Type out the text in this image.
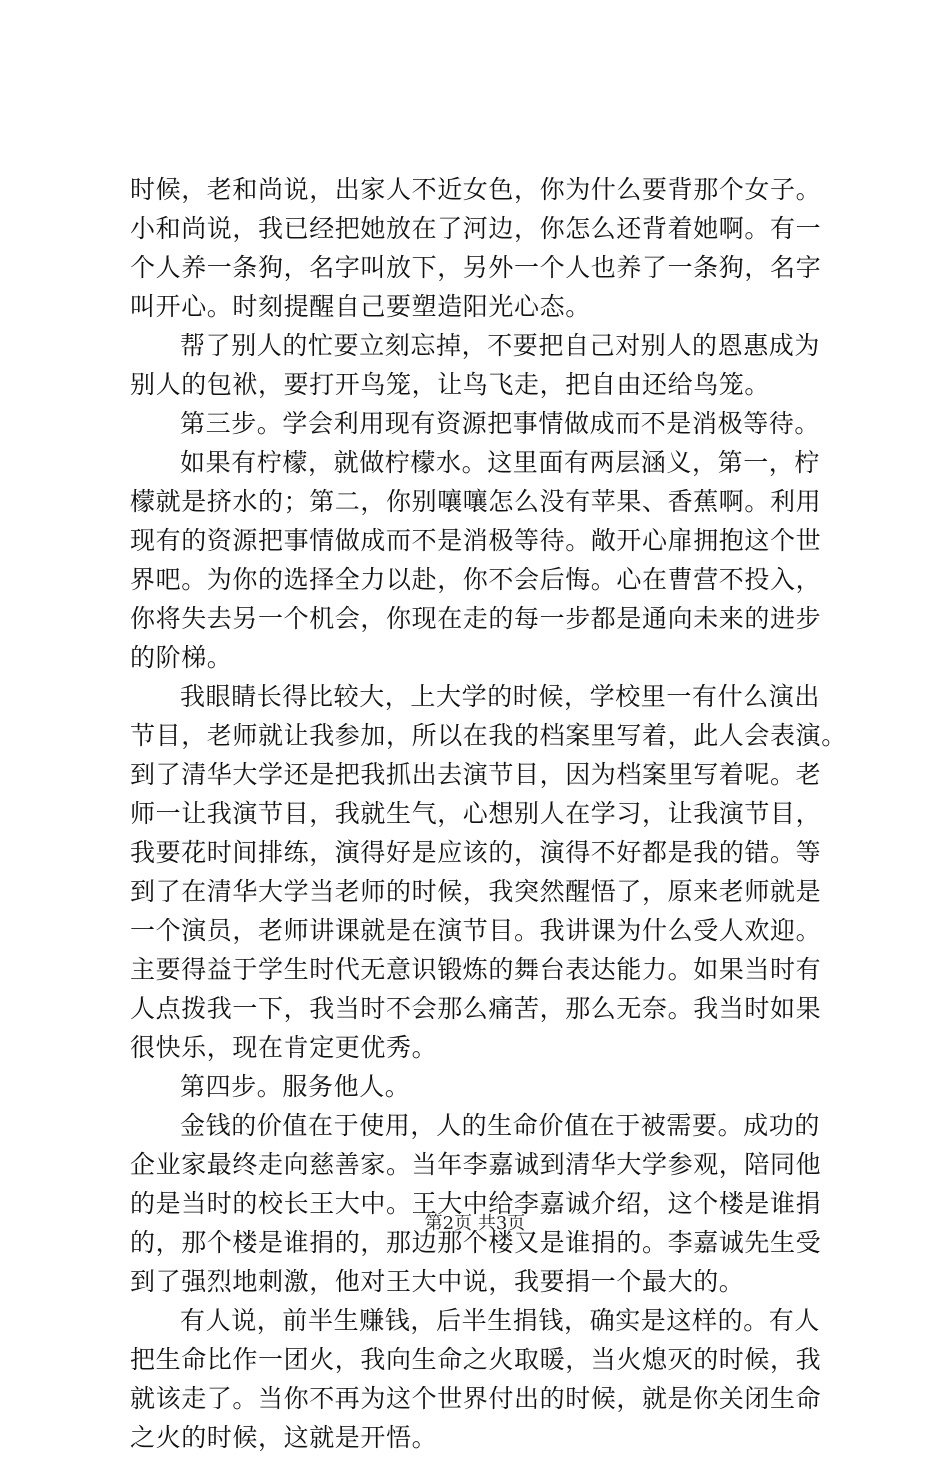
时候，老和尚说，出家人不近女色，你为什么要背那个女子。
小和尚说，我已经把她放在了河边，你怎么还背着她啊。有一
个人养一条狗，名字叫放下，另外一个人也养了一条狗，名字
叫开心。时刻提醒自己要塑造阳光心态。
帮了别人的忙要立刻忘掉，不要把自己对别人的恩惠成为
别人的包袱，要打开鸟笼，让鸟飞走，把自由还给鸟笼。
第三步。学会利用现有资源把事情做成而不是消极等待。
如果有柠檬，就做柠檬水。这里面有两层涵义，第一，柠
檬就是挤水的；第二，你别嚷嚷怎么没有苹果、香蕉啊。利用
现有的资源把事情做成而不是消极等待。敞开心扉拥抱这个世
界吧。为你的选择全力以赴，你不会后悔。心在曹营不投入，
你将失去另一个机会，你现在走的每一步都是通向未来的进步
的阶梯。
我眼睛长得比较大，上大学的时候，学校里一有什么演出
节目，老师就让我参加，所以在我的档案里写着，此人会表演。
到了清华大学还是把我抓出去演节目，因为档案里写着呢。老
师一让我演节目，我就生气，心想别人在学习，让我演节目，
我要花时间排练，演得好是应该的，演得不好都是我的错。等
到了在清华大学当老师的时候，我突然醒悟了，原来老师就是
一个演员，老师讲课就是在演节目。我讲课为什么受人欢迎。
主要得益于学生时代无意识锻炼的舞台表达能力。如果当时有
人点拨我一下，我当时不会那么痛苦，那么无奈。我当时如果
很快乐，现在肯定更优秀。
第四步。服务他人。
金钱的价值在于使用，人的生命价值在于被需要。成功的
企业家最终走向慈善家。当年李嘉诚到清华大学参观，陪同他
的是当时的校长王大中。王大中给李嘉诚介绍，这个楼是谁捐
的，那个楼是谁捐的，那边那个楼又是谁捐的。李嘉诚先生受
到了强烈地刺激，他对王大中说，我要捐一个最大的。
有人说，前半生赚钱，后半生捐钱，确实是这样的。有人
把生命比作一团火，我向生命之火取暖，当火熄灭的时候，我
就该走了。当你不再为这个世界付出的时候，就是你关闭生命
之火的时候，这就是开悟。
第2页 共3页
